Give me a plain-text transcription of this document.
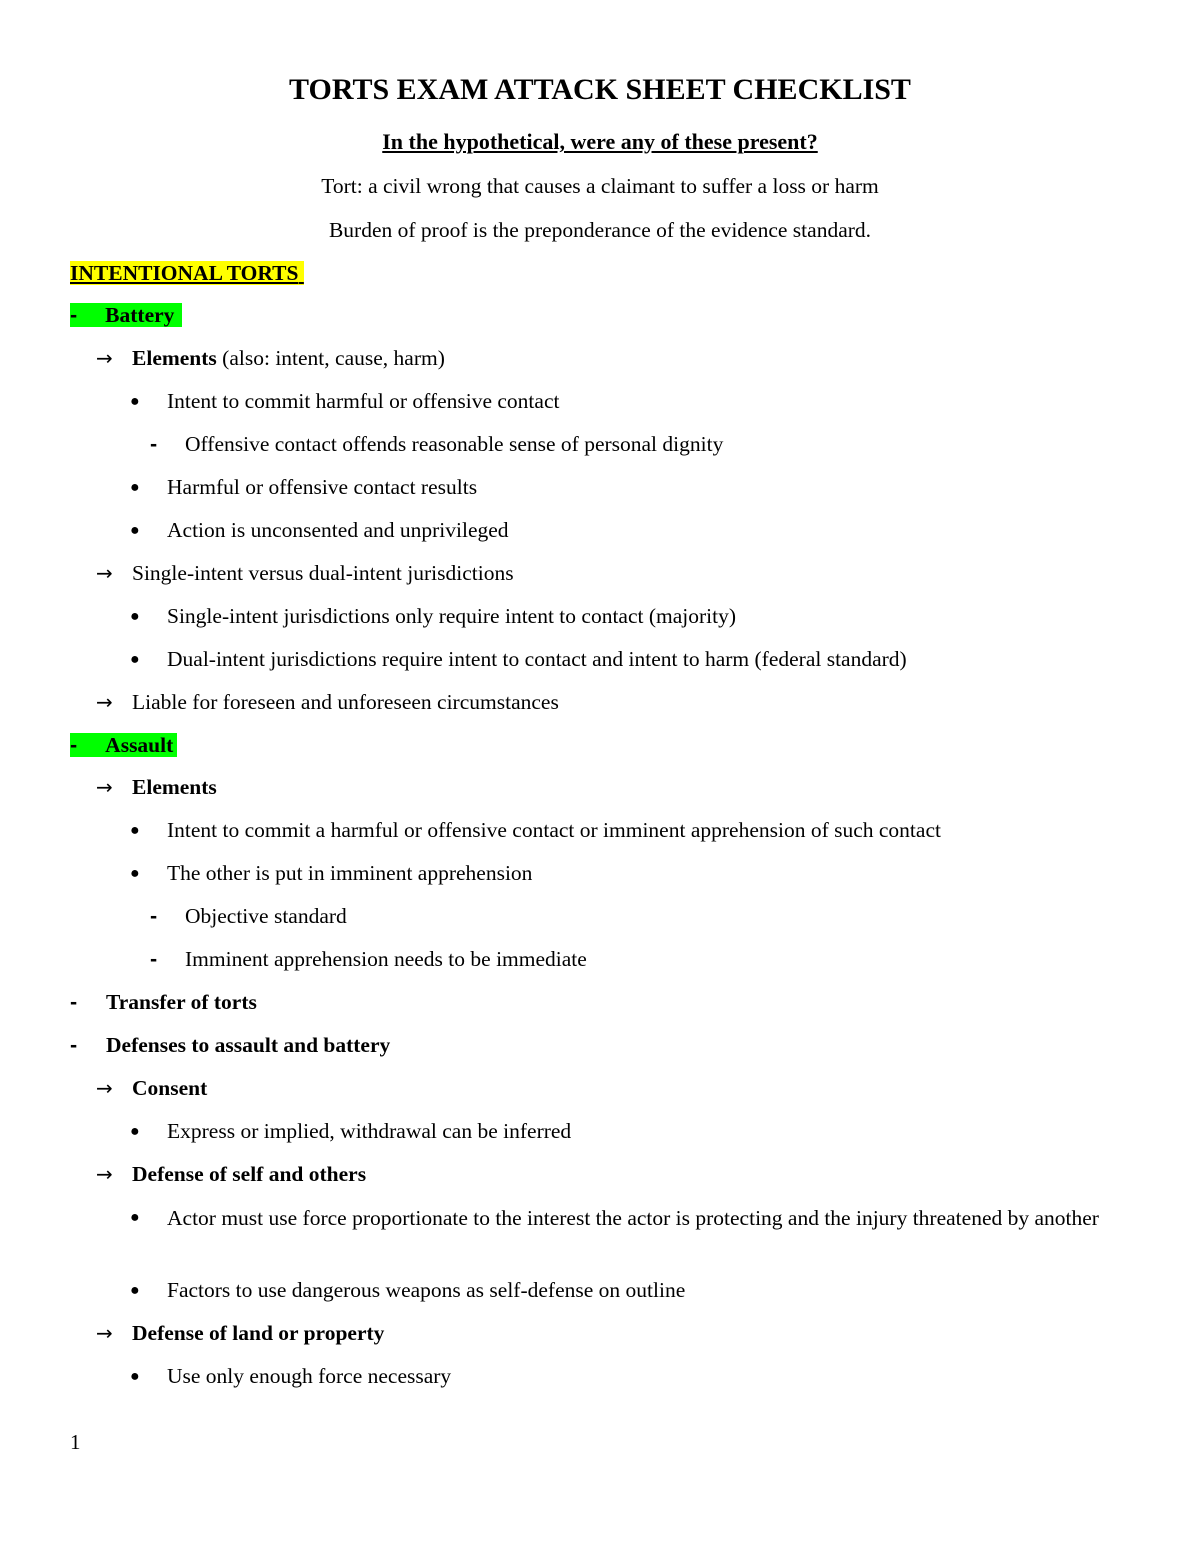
TORTS EXAM ATTACK SHEET CHECKLIST
In the hypothetical, were any of these present?
Tort: a civil wrong that causes a claimant to suffer a loss or harm
Burden of proof is the preponderance of the evidence standard.
INTENTIONAL TORTS
- Battery
→ Elements (also: intent, cause, harm)
● Intent to commit harmful or offensive contact
- Offensive contact offends reasonable sense of personal dignity
● Harmful or offensive contact results
● Action is unconsented and unprivileged
→ Single-intent versus dual-intent jurisdictions
● Single-intent jurisdictions only require intent to contact (majority)
● Dual-intent jurisdictions require intent to contact and intent to harm (federal standard)
→ Liable for foreseen and unforeseen circumstances
- Assault
→ Elements
● Intent to commit a harmful or offensive contact or imminent apprehension of such contact
● The other is put in imminent apprehension
- Objective standard
- Imminent apprehension needs to be immediate
- Transfer of torts
- Defenses to assault and battery
→ Consent
● Express or implied, withdrawal can be inferred
→ Defense of self and others
● Actor must use force proportionate to the interest the actor is protecting and the injury threatened by another
● Factors to use dangerous weapons as self-defense on outline
→ Defense of land or property
● Use only enough force necessary
1
